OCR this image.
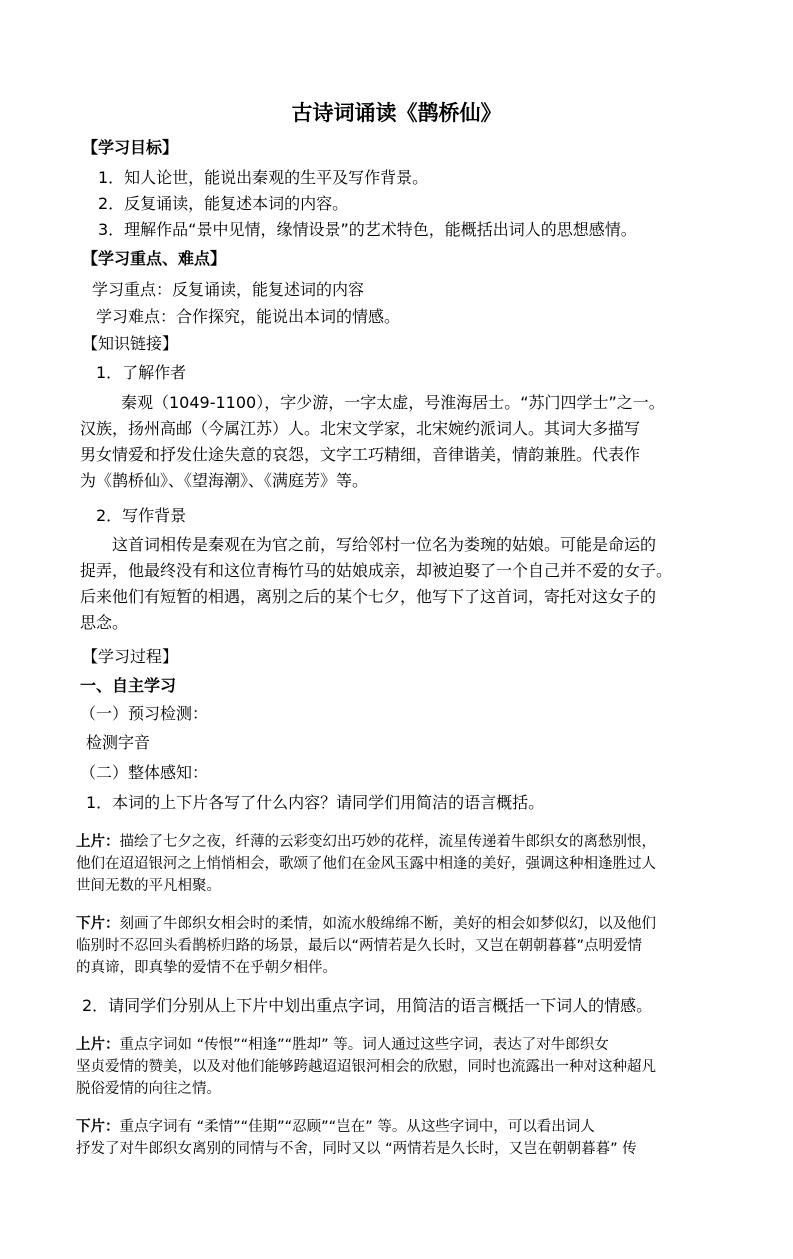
古诗词诵读《鹊桥仙》
【学习目标】
1．知人论世，能说出秦观的生平及写作背景。
2．反复诵读，能复述本词的内容。
3．理解作品“景中见情，缘情设景”的艺术特色，能概括出词人的思想感情。
【学习重点、难点】
学习重点：反复诵读，能复述词的内容
学习难点：合作探究，能说出本词的情感。
【知识链接】
1．了解作者
秦观（1049-1100），字少游，一字太虚，号淮海居士。“苏门四学士”之一。
汉族，扬州高邮（今属江苏）人。北宋文学家，北宋婉约派词人。其词大多描写
男女情爱和抒发仕途失意的哀怨，文字工巧精细，音律谐美，情韵兼胜。代表作
为《鹊桥仙》、《望海潮》、《满庭芳》等。
2．写作背景
这首词相传是秦观在为官之前，写给邻村一位名为娄琬的姑娘。可能是命运的
捉弄，他最终没有和这位青梅竹马的姑娘成亲，却被迫娶了一个自己并不爱的女子。
后来他们有短暂的相遇，离别之后的某个七夕，他写下了这首词，寄托对这女子的
思念。
【学习过程】
一、自主学习
（一）预习检测：
检测字音
（二）整体感知：
1．本词的上下片各写了什么内容？请同学们用简洁的语言概括。
上片：描绘了七夕之夜，纤薄的云彩变幻出巧妙的花样，流星传递着牛郎织女的离愁别恨，
他们在迢迢银河之上悄悄相会，歌颂了他们在金风玉露中相逢的美好，强调这种相逢胜过人
世间无数的平凡相聚。
下片：刻画了牛郎织女相会时的柔情，如流水般绵绵不断，美好的相会如梦似幻，以及他们
临别时不忍回头看鹊桥归路的场景，最后以“两情若是久长时，又岂在朝朝暮暮”点明爱情
的真谛，即真挚的爱情不在乎朝夕相伴。
2．请同学们分别从上下片中划出重点字词，用简洁的语言概括一下词人的情感。
上片：重点字词如 “传恨”“相逢”“胜却” 等。词人通过这些字词，表达了对牛郎织女
坚贞爱情的赞美，以及对他们能够跨越迢迢银河相会的欣慰，同时也流露出一种对这种超凡
脱俗爱情的向往之情。
下片：重点字词有 “柔情”“佳期”“忍顾”“岂在” 等。从这些字词中，可以看出词人
抒发了对牛郎织女离别的同情与不舍，同时又以 “两情若是久长时，又岂在朝朝暮暮” 传
